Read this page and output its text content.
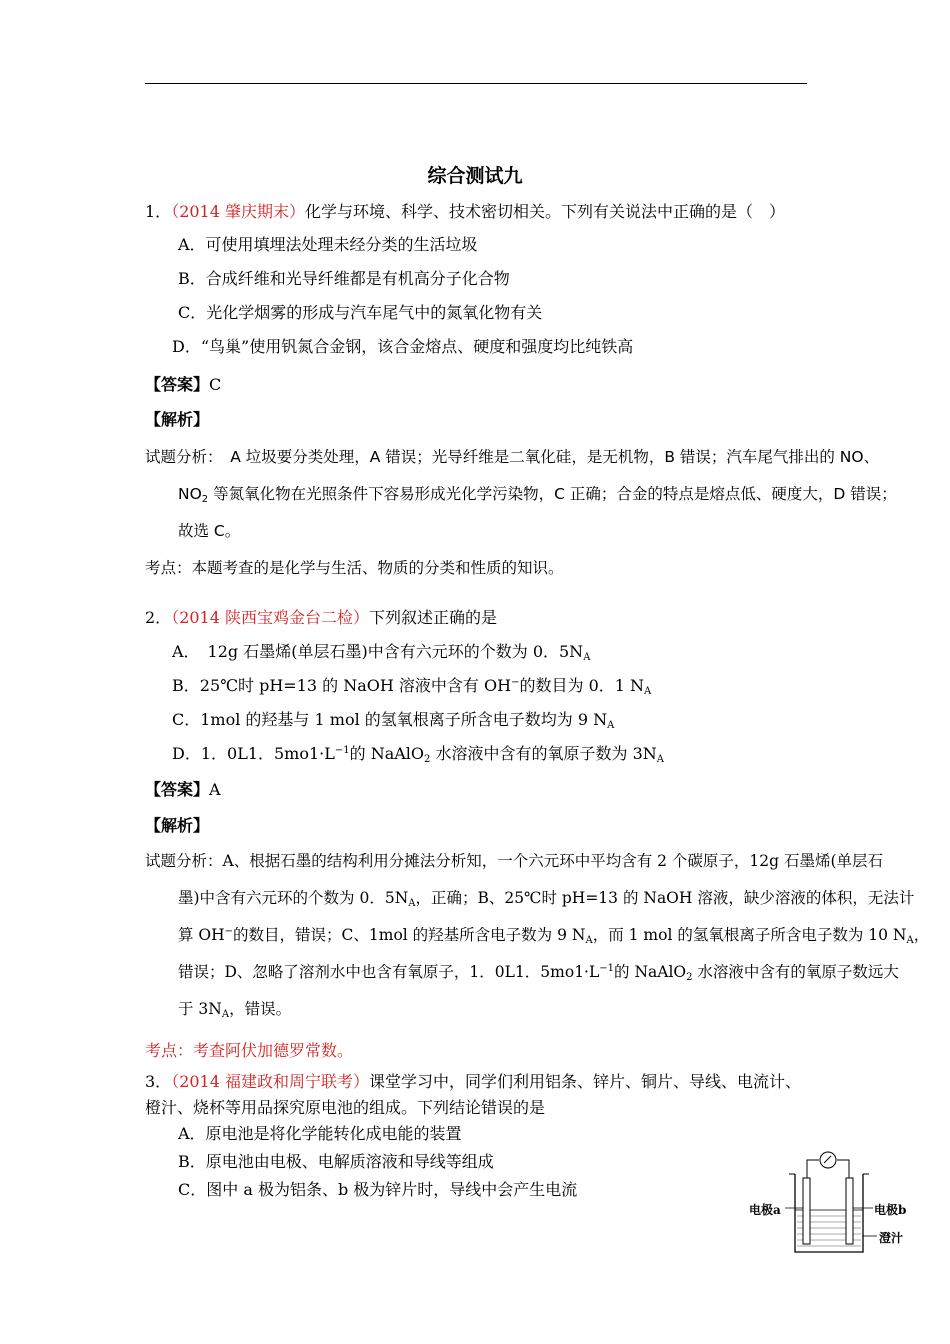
综合测试九
1．（2014 肇庆期末）化学与环境、科学、技术密切相关。下列有关说法中正确的是（　）
A．可使用填埋法处理未经分类的生活垃圾
B．合成纤维和光导纤维都是有机高分子化合物
C．光化学烟雾的形成与汽车尾气中的氮氧化物有关
D．“鸟巢”使用钒氮合金钢，该合金熔点、硬度和强度均比纯铁高
【答案】C
【解析】
试题分析：　A 垃圾要分类处理，A 错误；光导纤维是二氧化硅，是无机物，B 错误；汽车尾气排出的 NO、
$NO_2$ 等氮氧化物在光照条件下容易形成光化学污染物，C 正确；合金的特点是熔点低、硬度大，D 错误；
故选 C。
考点：本题考查的是化学与生活、物质的分类和性质的知识。
2．（2014 陕西宝鸡金台二检）下列叙述正确的是
A．　12g 石墨烯(单层石墨)中含有六元环的个数为 0．$5N_A$
B．25℃时 pH=13 的 NaOH 溶液中含有 OH−的数目为 0．1 $N_A$
C．1mol 的羟基与 1 mol 的氢氧根离子所含电子数均为 9 $N_A$
D．1．0L1．$5mo1\cdot L^{-1}$的 NaAlO$_2$ 水溶液中含有的氧原子数为 $3N_A$
【答案】A
【解析】
试题分析：A、根据石墨的结构利用分摊法分析知，一个六元环中平均含有 2 个碳原子，12g 石墨烯(单层石
墨)中含有六元环的个数为 0．$5N_A$，正确；B、25℃时 pH=13 的 NaOH 溶液，缺少溶液的体积，无法计
算 OH−的数目，错误；C、1mol 的羟基所含电子数为 9 $N_A$，而 1 mol 的氢氧根离子所含电子数为 10 $N_A$，
错误；D、忽略了溶剂水中也含有氧原子，1．0L1．$5mo1\cdot L^{-1}$的 NaAlO$_2$ 水溶液中含有的氧原子数远大
于 $3N_A$，错误。
考点：考查阿伏加德罗常数。
3．（2014 福建政和周宁联考）课堂学习中，同学们利用铝条、锌片、铜片、导线、电流计、
橙汁、烧杯等用品探究原电池的组成。下列结论错误的是
A．原电池是将化学能转化成电能的装置
B．原电池由电极、电解质溶液和导线等组成
C．图中 a 极为铝条、b 极为锌片时，导线中会产生电流
电极a	电极b
澄汁
